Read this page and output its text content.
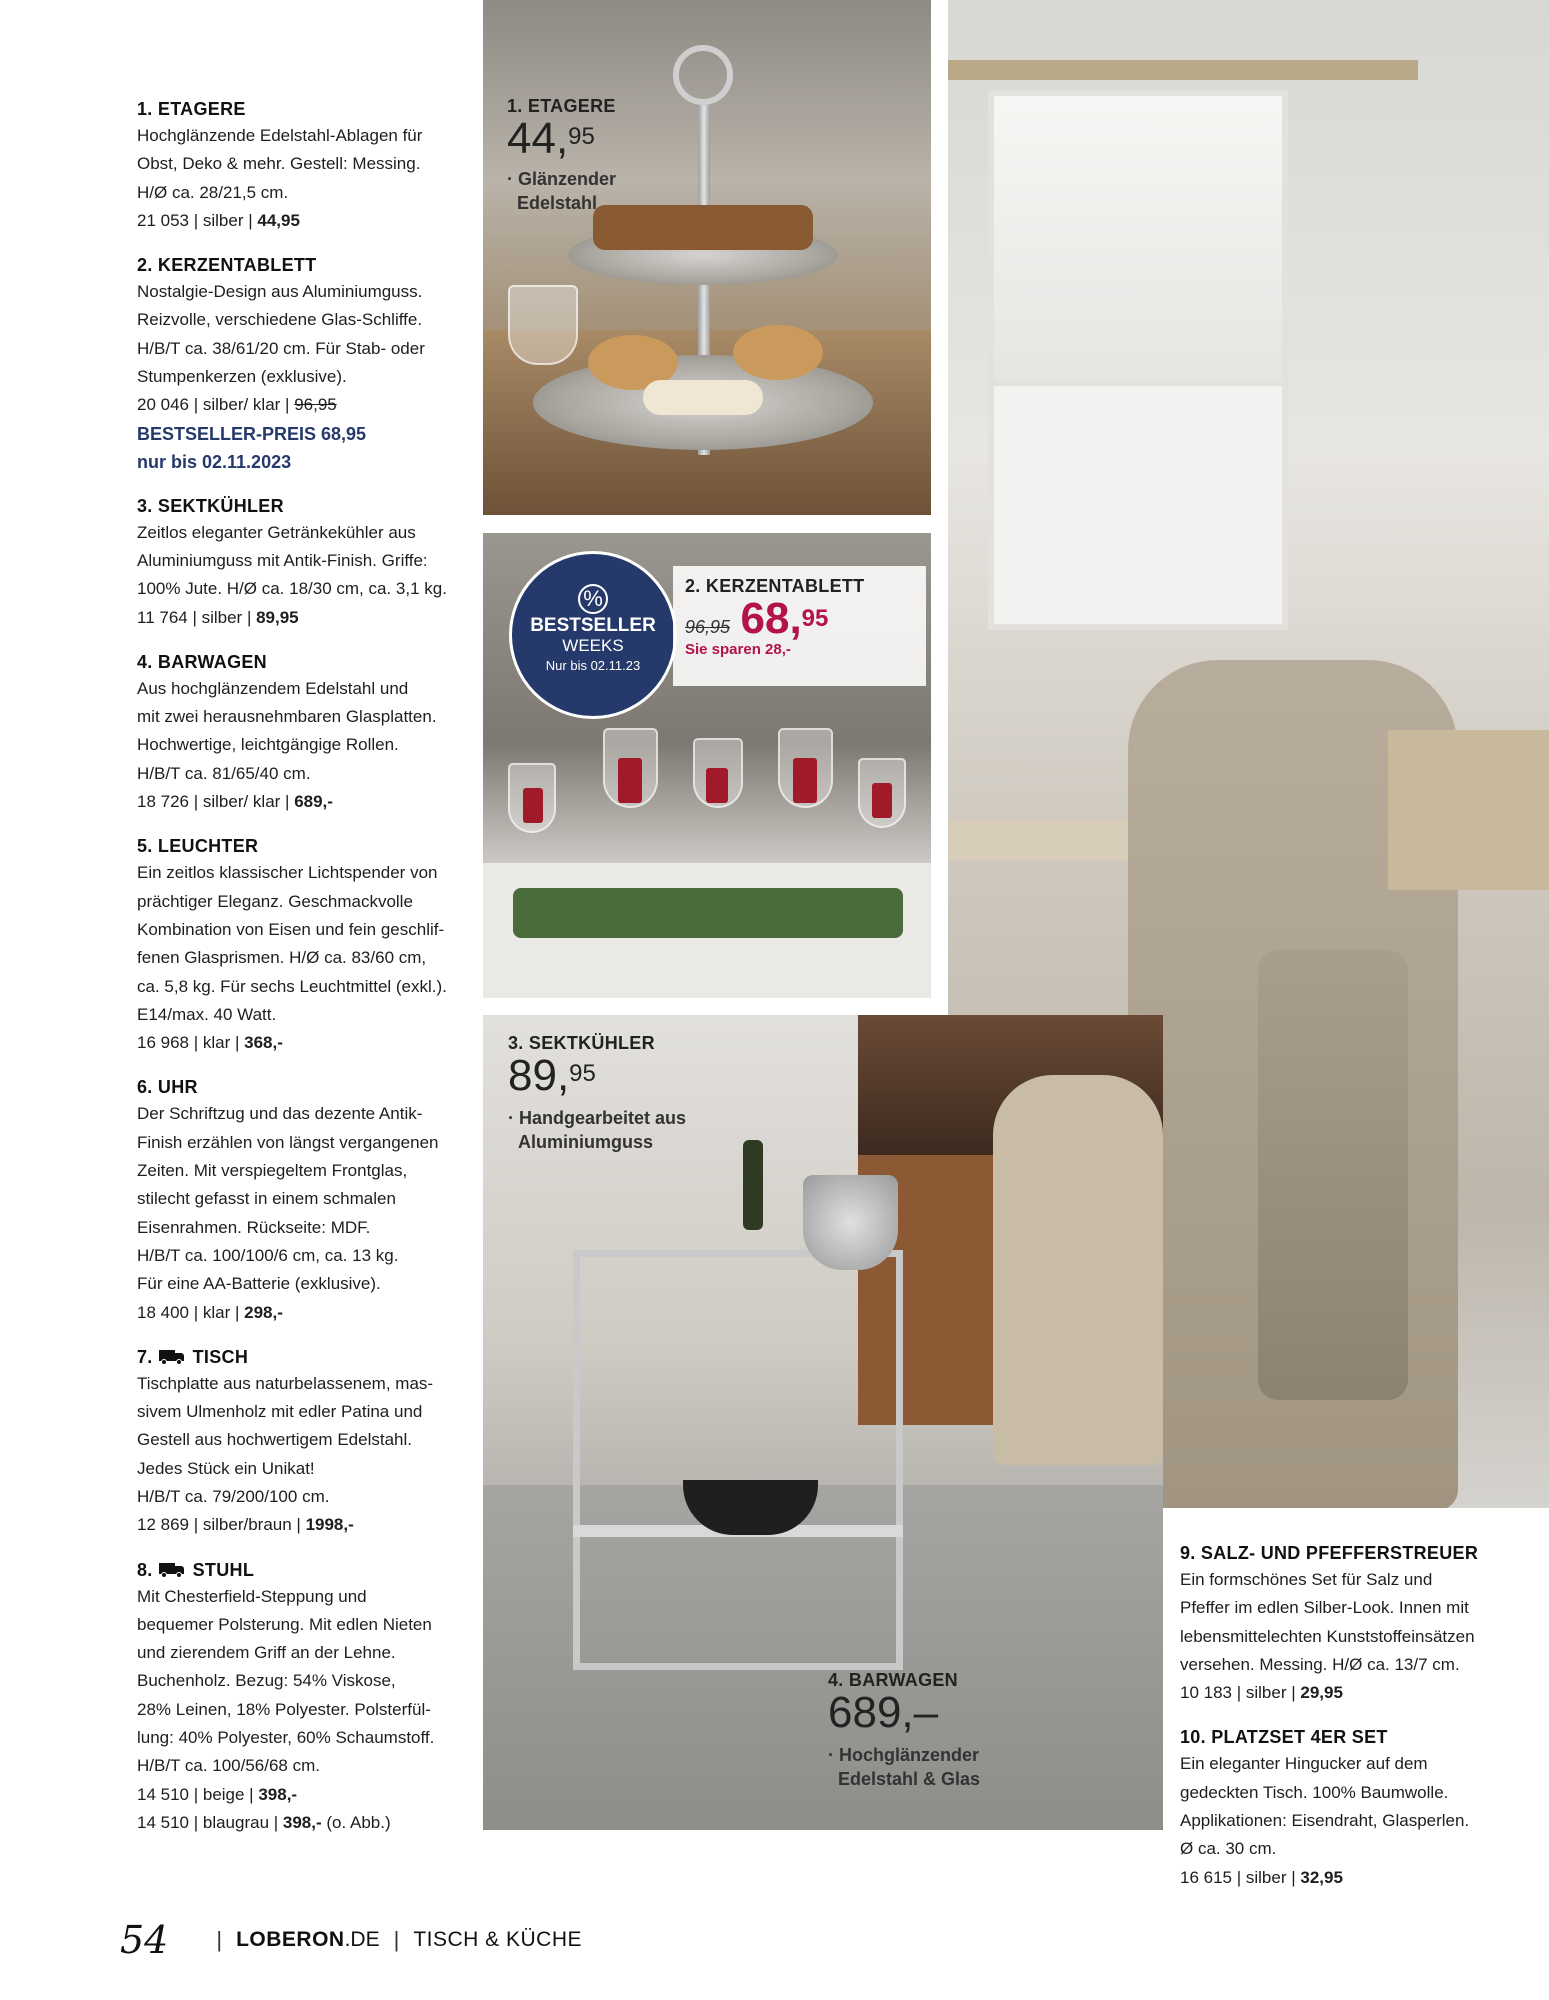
1. ETAGERE

Hochglänzende Edelstahl-Ablagen für

Obst, Deko & mehr. Gestell: Messing.

H/Ø ca. 28/21,5 cm.

21 053 | silber | 44,95

2. KERZENTABLETT

Nostalgie-Design aus Aluminiumguss.

Reizvolle, verschiedene Glas-Schliffe.

H/B/T ca. 38/61/20 cm. Für Stab- oder

Stumpenkerzen (exklusive).

20 046 | silber/ klar | 96,95

BESTSELLER-PREIS 68,95

nur bis 02.11.2023

3. SEKTKÜHLER

Zeitlos eleganter Getränkekühler aus

Aluminiumguss mit Antik-Finish. Griffe:

100% Jute. H/Ø ca. 18/30 cm, ca. 3,1 kg.

11 764 | silber | 89,95

4. BARWAGEN

Aus hochglänzendem Edelstahl und

mit zwei herausnehmbaren Glasplatten.

Hochwertige, leichtgängige Rollen.

H/B/T ca. 81/65/40 cm.

18 726 | silber/ klar | 689,-

5. LEUCHTER

Ein zeitlos klassischer Lichtspender von

prächtiger Eleganz. Geschmackvolle

Kombination von Eisen und fein geschlif-

fenen Glasprismen. H/Ø ca. 83/60 cm,

ca. 5,8 kg. Für sechs Leuchtmittel (exkl.).

E14/max. 40 Watt.

16 968 | klar | 368,-

6. UHR

Der Schriftzug und das dezente Antik-

Finish erzählen von längst vergangenen

Zeiten. Mit verspiegeltem Frontglas,

stilecht gefasst in einem schmalen

Eisenrahmen. Rückseite: MDF.

H/B/T ca. 100/100/6 cm, ca. 13 kg.

Für eine AA-Batterie (exklusive).

18 400 | klar | 298,-

7. TISCH

Tischplatte aus naturbelassenem, mas-

sivem Ulmenholz mit edler Patina und

Gestell aus hochwertigem Edelstahl.

Jedes Stück ein Unikat!

H/B/T ca. 79/200/100 cm.

12 869 | silber/braun | 1998,-

8. STUHL

Mit Chesterfield-Steppung und

bequemer Polsterung. Mit edlen Nieten

und zierendem Griff an der Lehne.

Buchenholz. Bezug: 54% Viskose,

28% Leinen, 18% Polyester. Polsterfül-

lung: 40% Polyester, 60% Schaumstoff.

H/B/T ca. 100/56/68 cm.

14 510 | beige | 398,-

14 510 | blaugrau | 398,- (o. Abb.)

1. ETAGERE
44,95
· Glänzender
Edelstahl
%
BESTSELLER
WEEKS
Nur bis 02.11.23
2. KERZENTABLETT
96,95 68,95
Sie sparen 28,-
3. SEKTKÜHLER
89,95
· Handgearbeitet aus
Aluminiumguss
4. BARWAGEN
689,–
· Hochglänzender
Edelstahl & Glas
9. SALZ- UND PFEFFERSTREUER

Ein formschönes Set für Salz und

Pfeffer im edlen Silber-Look. Innen mit

lebensmittelechten Kunststoffeinsätzen

versehen. Messing. H/Ø ca. 13/7 cm.

10 183 | silber | 29,95

10. PLATZSET 4ER SET

Ein eleganter Hingucker auf dem

gedeckten Tisch. 100% Baumwolle.

Applikationen: Eisendraht, Glasperlen.

Ø ca. 30 cm.

16 615 | silber | 32,95

54 | LOBERON .DE | TISCH & KÜCHE
